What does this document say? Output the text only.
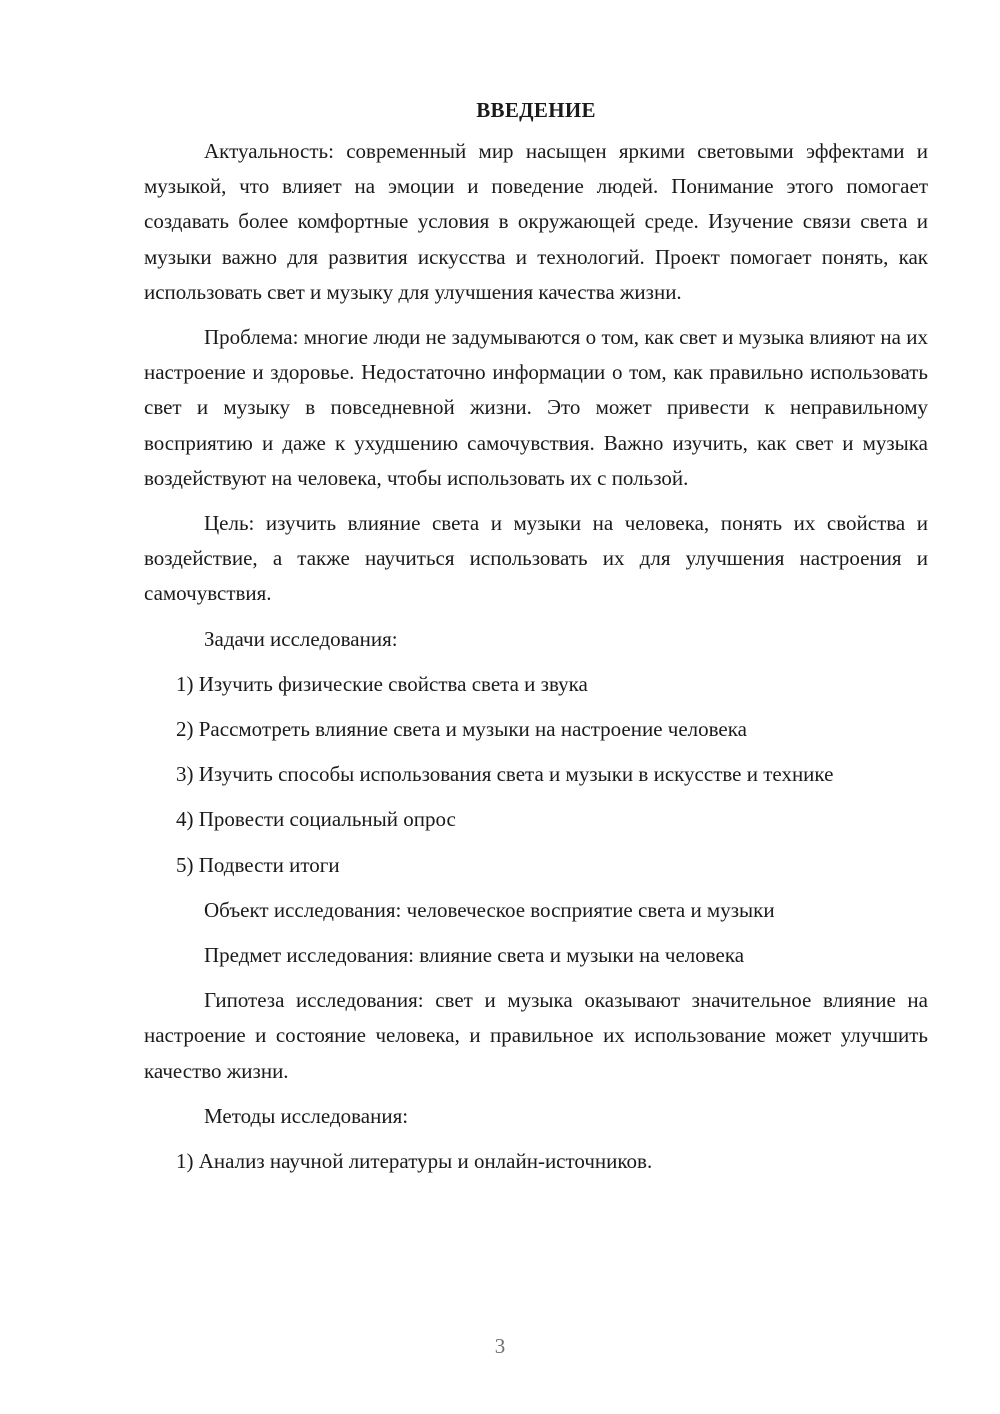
ВВЕДЕНИЕ

Актуальность: современный мир насыщен яркими световыми эффектами и музыкой, что влияет на эмоции и поведение людей. Понимание этого помогает создавать более комфортные условия в окружающей среде. Изучение связи света и музыки важно для развития искусства и технологий. Проект помогает понять, как использовать свет и музыку для улучшения качества жизни.

Проблема: многие люди не задумываются о том, как свет и музыка влияют на их настроение и здоровье. Недостаточно информации о том, как правильно использовать свет и музыку в повседневной жизни. Это может привести к неправильному восприятию и даже к ухудшению самочувствия. Важно изучить, как свет и музыка воздействуют на человека, чтобы использовать их с пользой.

Цель: изучить влияние света и музыки на человека, понять их свойства и воздействие, а также научиться использовать их для улучшения настроения и самочувствия.

Задачи исследования:

1) Изучить физические свойства света и звука

2) Рассмотреть влияние света и музыки на настроение человека

3) Изучить способы использования света и музыки в искусстве и технике

4) Провести социальный опрос

5) Подвести итоги

Объект исследования: человеческое восприятие света и музыки

Предмет исследования: влияние света и музыки на человека

Гипотеза исследования: свет и музыка оказывают значительное влияние на настроение и состояние человека, и правильное их использование может улучшить качество жизни.

Методы исследования:

1) Анализ научной литературы и онлайн-источников.

3
